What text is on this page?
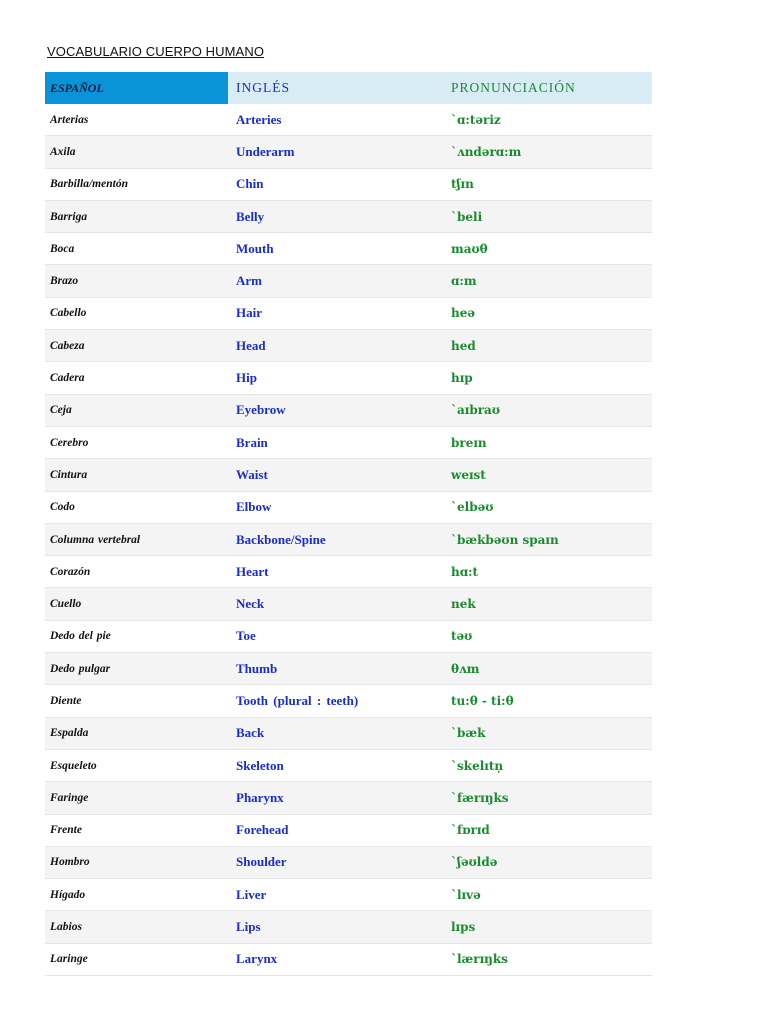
VOCABULARIO CUERPO HUMANO
ESPAÑOL	INGLÉS	PRONUNCIACIÓN
Arterias	Arteries	ˋɑ:təriz
Axila	Underarm	ˋʌndərɑ:m
Barbilla/mentón	Chin	tʃɪn
Barriga	Belly	ˋbeli
Boca	Mouth	maʊθ
Brazo	Arm	ɑ:m
Cabello	Hair	heə
Cabeza	Head	hed
Cadera	Hip	hɪp
Ceja	Eyebrow	ˋaɪbraʊ
Cerebro	Brain	breɪn
Cintura	Waist	weɪst
Codo	Elbow	ˋelbəʊ
Columna vertebral	Backbone/Spine	ˋbækbəʊn spaɪn
Corazón	Heart	hɑ:t
Cuello	Neck	nek
Dedo del pie	Toe	təʊ
Dedo pulgar	Thumb	θʌm
Diente	Tooth (plural : teeth)	tu:θ - ti:θ
Espalda	Back	ˋbæk
Esqueleto	Skeleton	ˋskelɪtn̩
Faringe	Pharynx	ˋfærɪŋks
Frente	Forehead	ˋfɒrɪd
Hombro	Shoulder	ˋʃəʊldə
Hígado	Liver	ˋlɪvə
Labios	Lips	lɪps
Laringe	Larynx	ˋlærɪŋks
